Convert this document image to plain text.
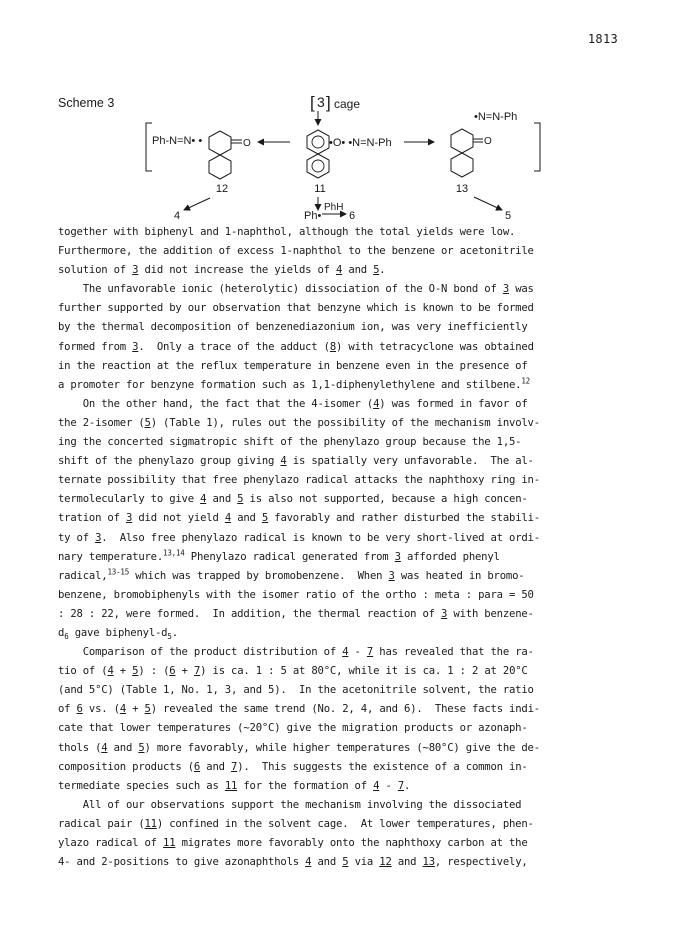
1813
Scheme 3	[ 3 ] cage
Ph-N=N• •	O
12
•O• •N=N-Ph
11
•N=N-Ph
O
13
4	5
Ph•
PhH
6
together with biphenyl and 1-naphthol, although the total yields were low.
Furthermore, the addition of excess 1-naphthol to the benzene or acetonitrile
solution of 3 did not increase the yields of 4 and 5.
The unfavorable ionic (heterolytic) dissociation of the O-N bond of 3 was
further supported by our observation that benzyne which is known to be formed
by the thermal decomposition of benzenediazonium ion, was very inefficiently
formed from 3.  Only a trace of the adduct (8) with tetracyclone was obtained
in the reaction at the reflux temperature in benzene even in the presence of
a promoter for benzyne formation such as 1,1-diphenylethylene and stilbene.$^{12}$
On the other hand, the fact that the 4-isomer (4) was formed in favor of
the 2-isomer (5) (Table 1), rules out the possibility of the mechanism involv-
ing the concerted sigmatropic shift of the phenylazo group because the 1,5-
shift of the phenylazo group giving 4 is spatially very unfavorable.  The al-
ternate possibility that free phenylazo radical attacks the naphthoxy ring in-
termolecularly to give 4 and 5 is also not supported, because a high concen-
tration of 3 did not yield 4 and 5 favorably and rather disturbed the stabili-
ty of 3.  Also free phenylazo radical is known to be very short-lived at ordi-
nary temperature.$^{13,14}$ Phenylazo radical generated from 3 afforded phenyl
radical,$^{13-15}$ which was trapped by bromobenzene.  When 3 was heated in bromo-
benzene, bromobiphenyls with the isomer ratio of the ortho : meta : para = 50
: 28 : 22, were formed.  In addition, the thermal reaction of 3 with benzene-
$d_6$ gave biphenyl-$d_5$.
Comparison of the product distribution of 4 - 7 has revealed that the ra-
tio of (4 + 5) : (6 + 7) is ca. 1 : 5 at 80°C, while it is ca. 1 : 2 at 20°C
(and 5°C) (Table 1, No. 1, 3, and 5).  In the acetonitrile solvent, the ratio
of 6 vs. (4 + 5) revealed the same trend (No. 2, 4, and 6).  These facts indi-
cate that lower temperatures (~20°C) give the migration products or azonaph-
thols (4 and 5) more favorably, while higher temperatures (~80°C) give the de-
composition products (6 and 7).  This suggests the existence of a common in-
termediate species such as 11 for the formation of 4 - 7.
All of our observations support the mechanism involving the dissociated
radical pair (11) confined in the solvent cage.  At lower temperatures, phen-
ylazo radical of 11 migrates more favorably onto the naphthoxy carbon at the
4- and 2-positions to give azonaphthols 4 and 5 via 12 and 13, respectively,
